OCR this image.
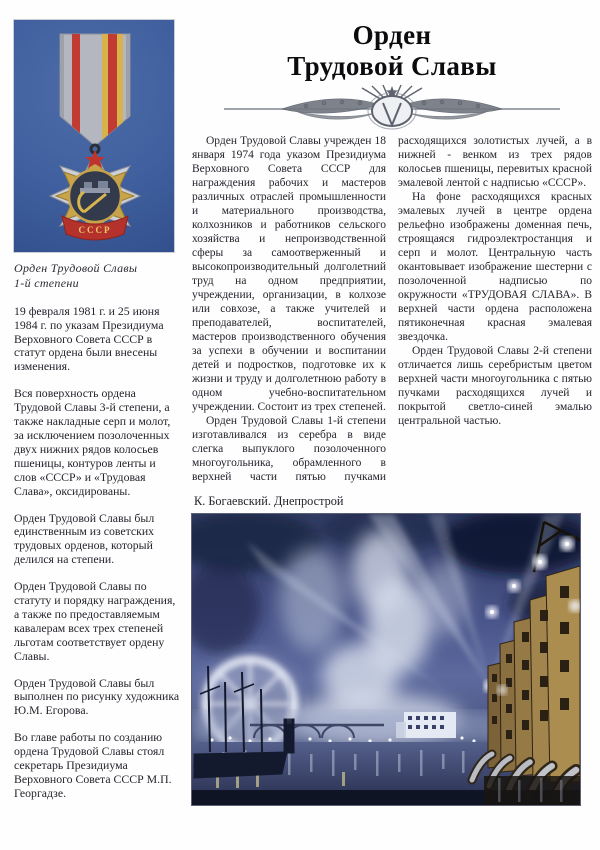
СССР
Орден Трудовой Славы
1-й степени

19 февраля 1981 г. и 25 июня 1984 г. по указам Президиума Верховного Совета СССР в статут ордена были внесены изменения.

Вся поверхность ордена Трудовой Славы 3-й степени, а также накладные серп и молот, за исключением позолоченных двух нижних рядов колосьев пшеницы, контуров ленты и слов «СССР» и «Трудовая Слава», оксидированы.

Орден Трудовой Славы был единственным из советских трудовых орденов, который делился на степени.

Орден Трудовой Славы по статуту и порядку награждения, а также по предоставляемым кавалерам всех трех степеней льготам соответствует ордену Славы.

Орден Трудовой Славы был выполнен по рисунку художника Ю.М. Егорова.

Во главе работы по созданию ордена Трудовой Славы стоял секретарь Президиума Верховного Совета СССР М.П. Георгадзе.

Орден
Трудовой Славы

Орден Трудовой Славы учрежден 18 января 1974 года указом Президиума Верховного Совета СССР для награждения рабочих и мастеров различных отраслей промышленности и материального производства, колхозников и работников сельского хозяйства и непроизводственной сферы за самоотверженный и высокопроизводительный долголетний труд на одном предприятии, учреждении, организации, в колхозе или совхозе, а также учителей и преподавателей, воспитателей, мастеров производственного обучения за успехи в обучении и воспитании детей и подростков, подготовке их к жизни и труду и долголетнюю работу в одном учебно-воспитательном учреждении. Состоит из трех степеней.

Орден Трудовой Славы 1-й степени изготавливался из серебра в виде слегка выпуклого позолоченного многоугольника, обрамленного в верхней части пятью пучками расходящихся золотистых лучей, а в нижней - венком из трех рядов колосьев пшеницы, перевитых красной эмалевой лентой с надписью «СССР».

На фоне расходящихся красных эмалевых лучей в центре ордена рельефно изображены доменная печь, строящаяся гидроэлектростанция и серп и молот. Центральную часть окантовывает изображение шестерни с позолоченной надписью по окружности «ТРУДОВАЯ СЛАВА». В верхней части ордена расположена пятиконечная красная эмалевая звездочка.

Орден Трудовой Славы 2-й степени отличается лишь серебристым цветом верхней части многоугольника с пятью пучками расходящихся лучей и покрытой светло-синей эмалью центральной частью.

К. Богаевский. Днепрострой
